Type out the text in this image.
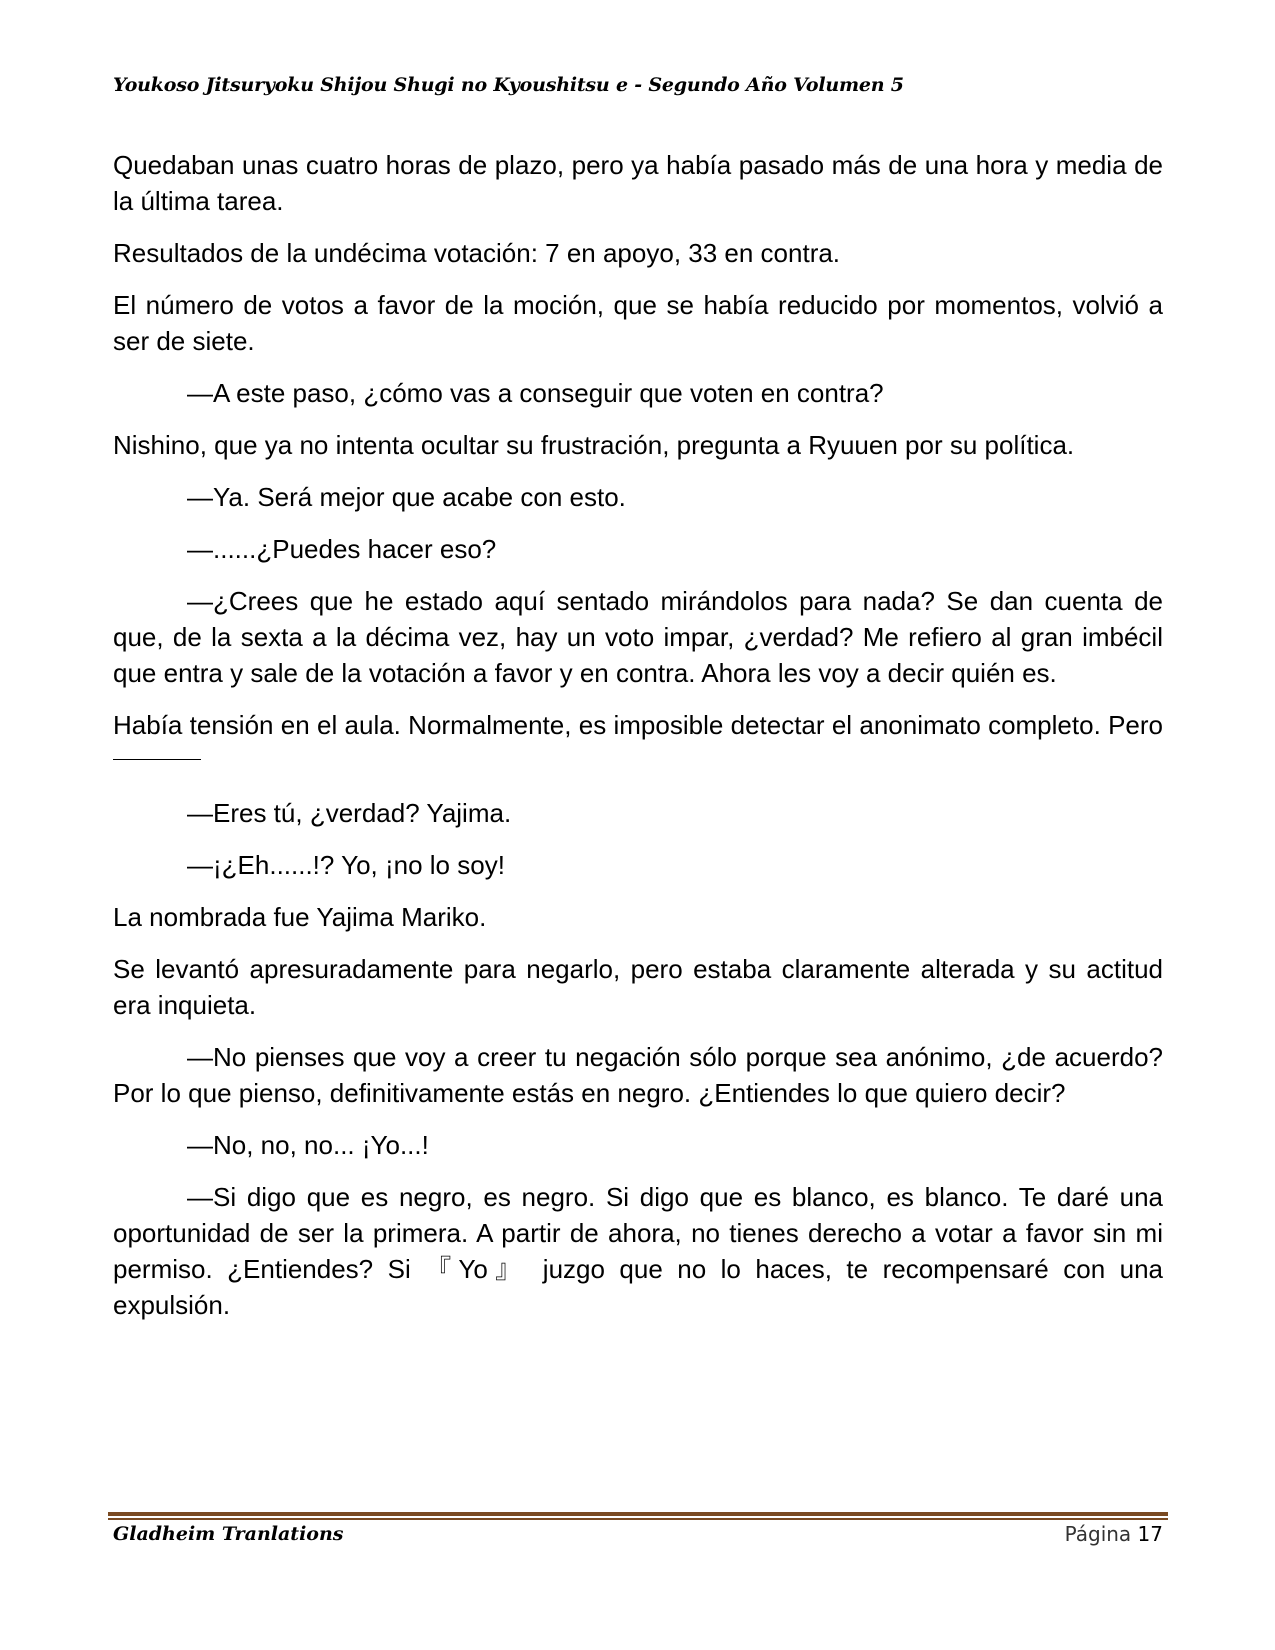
Youkoso Jitsuryoku Shijou Shugi no Kyoushitsu e - Segundo Año Volumen 5

Quedaban unas cuatro horas de plazo, pero ya había pasado más de una hora y media de la última tarea.

Resultados de la undécima votación: 7 en apoyo, 33 en contra.

El número de votos a favor de la moción, que se había reducido por momentos, volvió a ser de siete.

—A este paso, ¿cómo vas a conseguir que voten en contra?

Nishino, que ya no intenta ocultar su frustración, pregunta a Ryuuen por su política.

—Ya. Será mejor que acabe con esto.

—......¿Puedes hacer eso?

—¿Crees que he estado aquí sentado mirándolos para nada? Se dan cuenta de que, de la sexta a la décima vez, hay un voto impar, ¿verdad? Me refiero al gran imbécil que entra y sale de la votación a favor y en contra. Ahora les voy a decir quién es.

Había tensión en el aula. Normalmente, es imposible detectar el anonimato completo. Pero

—Eres tú, ¿verdad? Yajima.

—¡¿Eh......!? Yo, ¡no lo soy!

La nombrada fue Yajima Mariko.

Se levantó apresuradamente para negarlo, pero estaba claramente alterada y su actitud era inquieta.

—No pienses que voy a creer tu negación sólo porque sea anónimo, ¿de acuerdo? Por lo que pienso, definitivamente estás en negro. ¿Entiendes lo que quiero decir?

—No, no, no... ¡Yo...!

—Si digo que es negro, es negro. Si digo que es blanco, es blanco. Te daré una oportunidad de ser la primera. A partir de ahora, no tienes derecho a votar a favor sin mi permiso. ¿Entiendes? Si 『Yo』 juzgo que no lo haces, te recompensaré con una expulsión.

Gladheim Tranlations	Página 17
